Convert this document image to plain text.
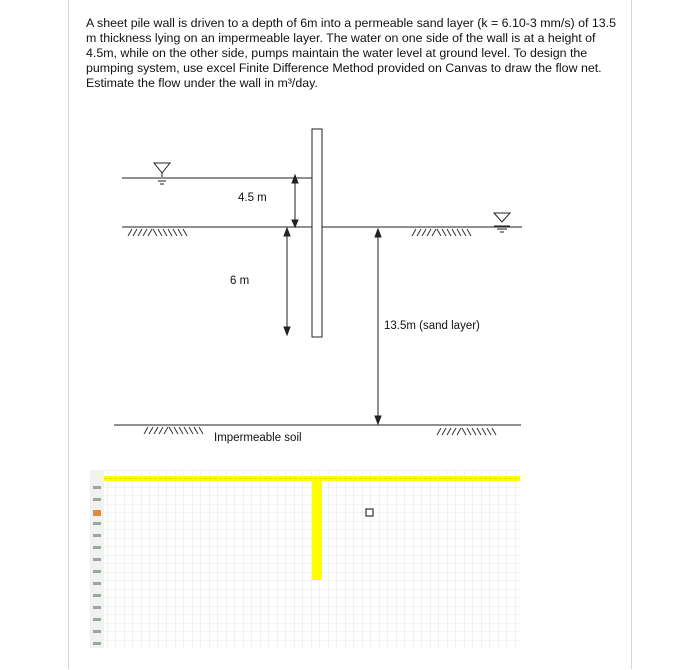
A sheet pile wall is driven to a depth of 6m into a permeable sand layer (k = 6.10-3 mm/s) of 13.5 m thickness lying on an impermeable layer. The water on one side of the wall is at a height of 4.5m, while on the other side, pumps maintain the water level at ground level. To design the pumping system, use excel Finite Difference Method provided on Canvas to draw the flow net. Estimate the flow under the wall in m³/day.

4.5 m
6 m
13.5m (sand layer)
Impermeable soil
